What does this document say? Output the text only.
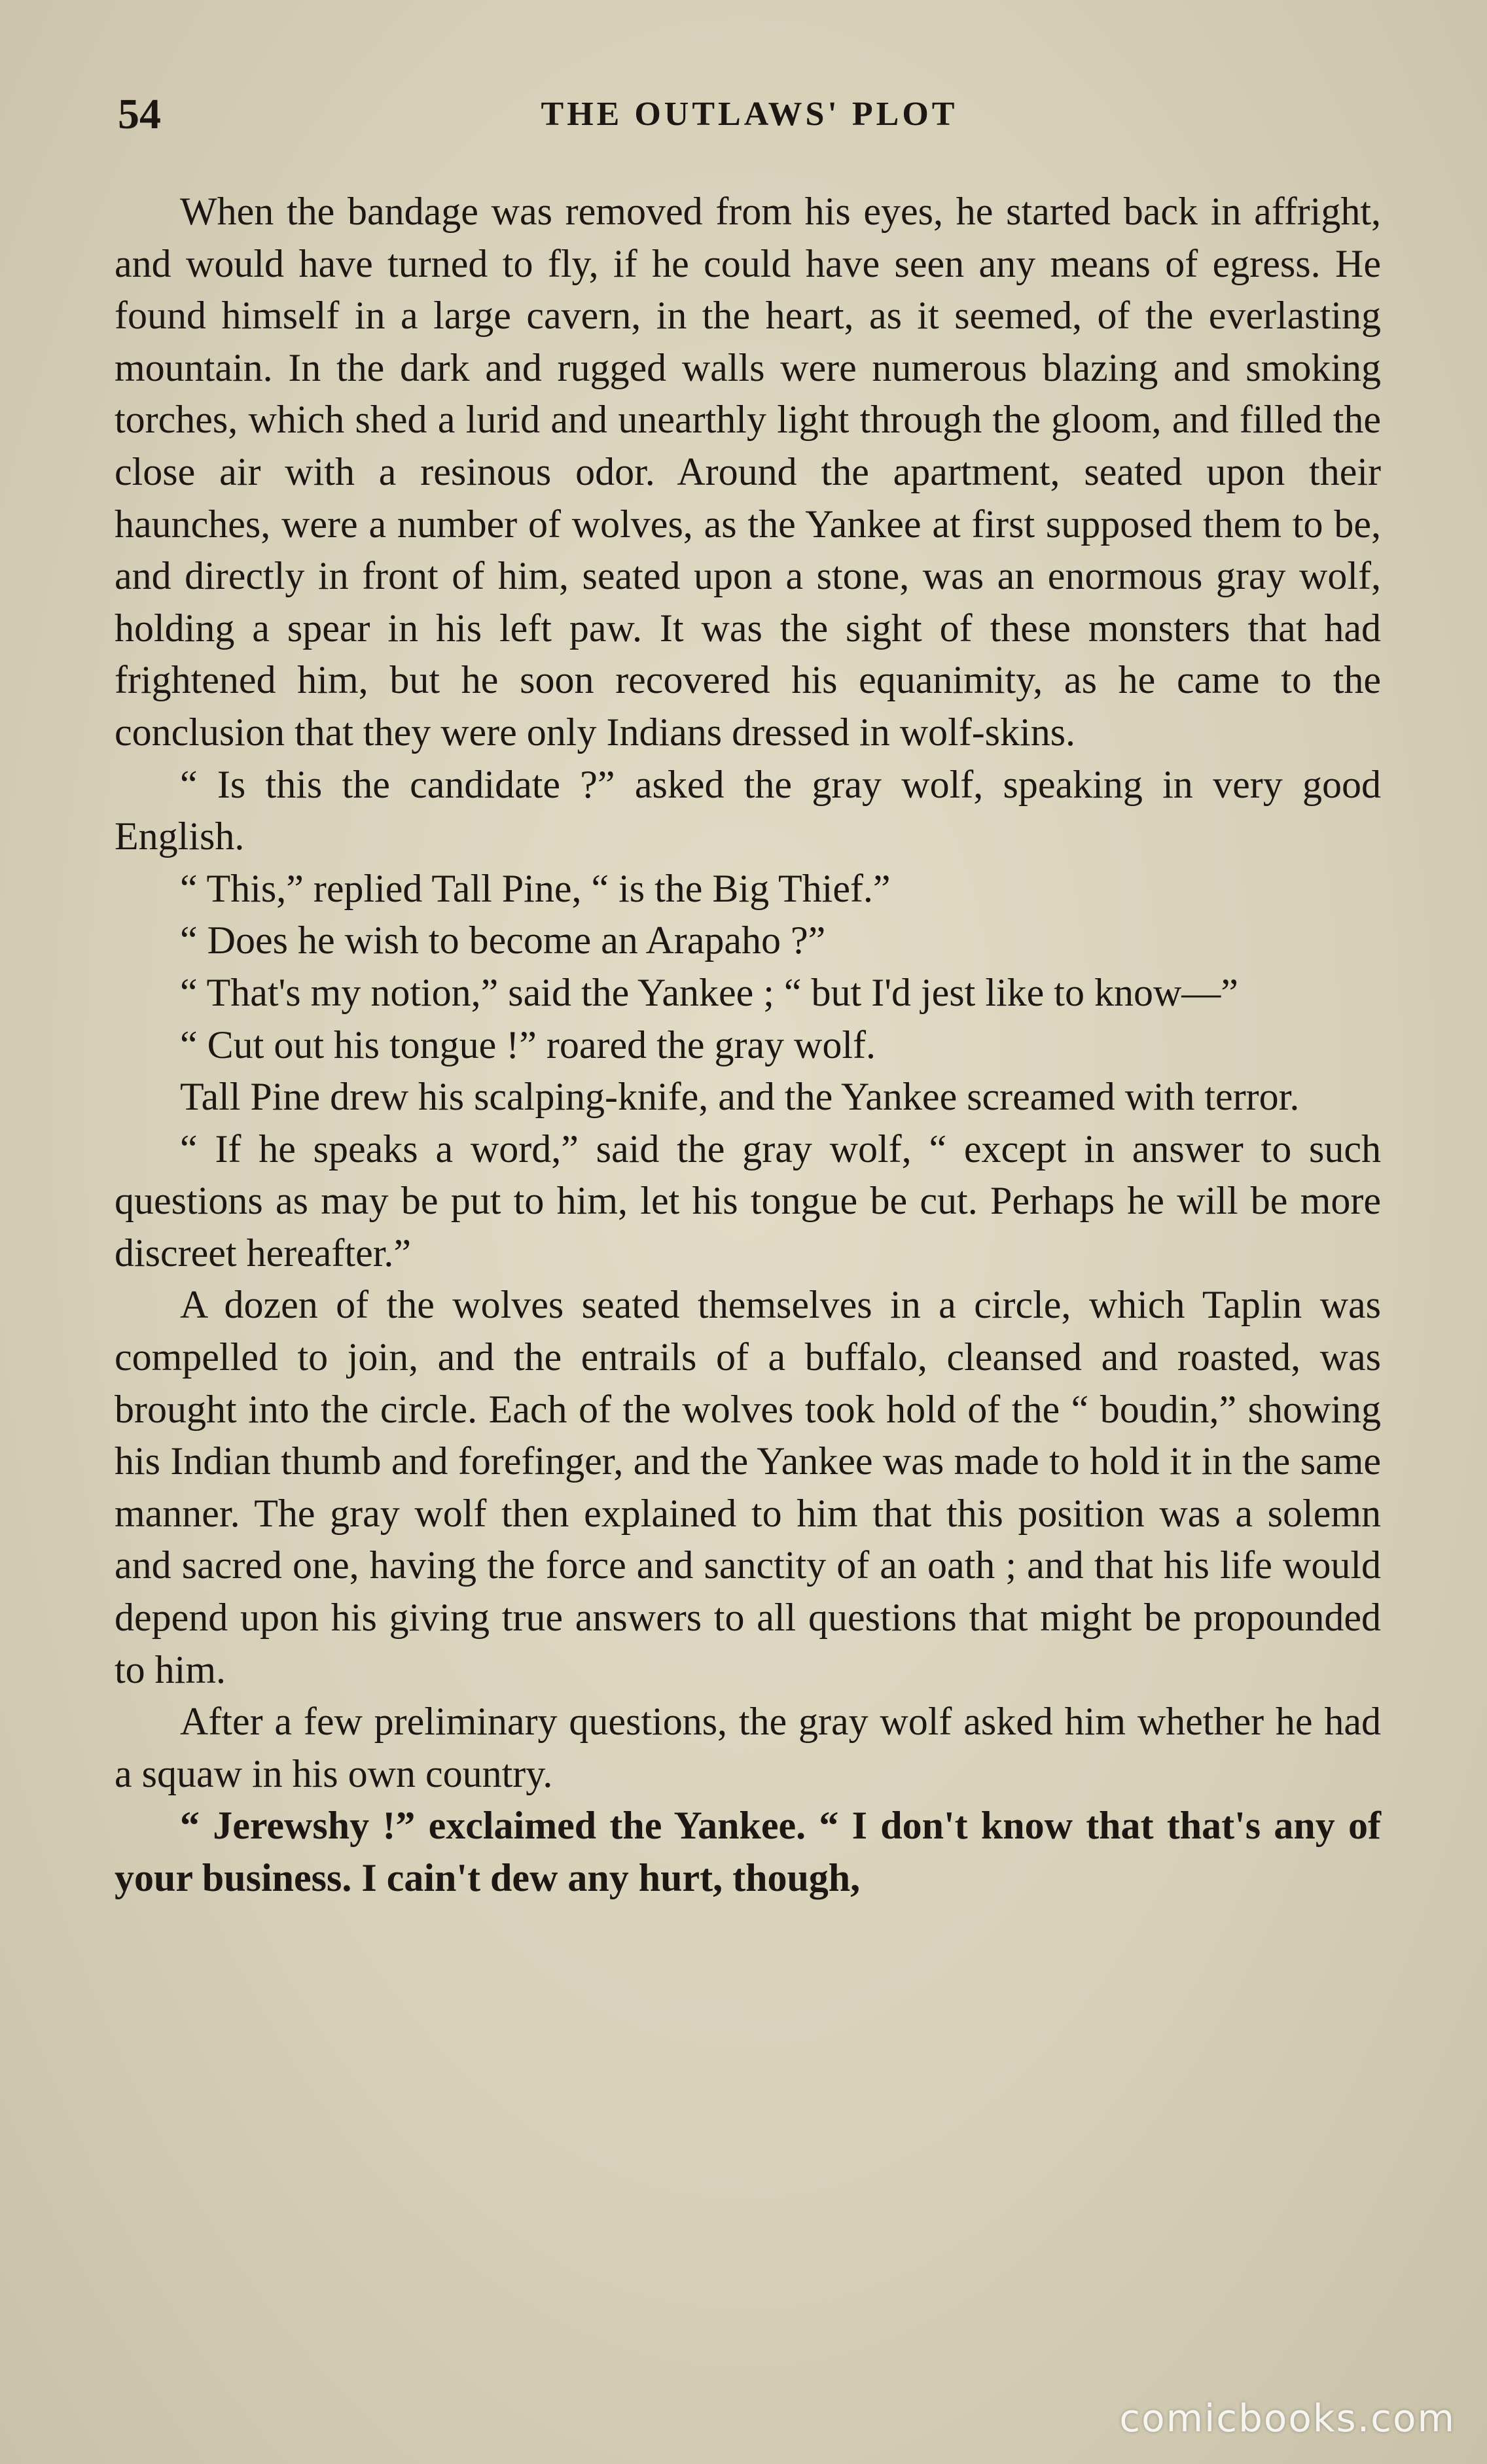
54	THE OUTLAWS' PLOT

When the bandage was removed from his eyes, he started back in affright, and would have turned to fly, if he could have seen any means of egress. He found himself in a large cavern, in the heart, as it seemed, of the everlasting mountain. In the dark and rugged walls were numerous blazing and smoking torches, which shed a lurid and unearthly light through the gloom, and filled the close air with a resinous odor. Around the apartment, seated upon their haunches, were a number of wolves, as the Yankee at first supposed them to be, and directly in front of him, seated upon a stone, was an enormous gray wolf, holding a spear in his left paw. It was the sight of these monsters that had frightened him, but he soon recovered his equanimity, as he came to the conclusion that they were only Indians dressed in wolf-skins.

“ Is this the candidate ?” asked the gray wolf, speaking in very good English.

“ This,” replied Tall Pine, “ is the Big Thief.”

“ Does he wish to become an Arapaho ?”

“ That's my notion,” said the Yankee ; “ but I'd jest like to know—”

“ Cut out his tongue !” roared the gray wolf.

Tall Pine drew his scalping-knife, and the Yankee screamed with terror.

“ If he speaks a word,” said the gray wolf, “ except in answer to such questions as may be put to him, let his tongue be cut. Perhaps he will be more discreet hereafter.”

A dozen of the wolves seated themselves in a circle, which Taplin was compelled to join, and the entrails of a buffalo, cleansed and roasted, was brought into the circle. Each of the wolves took hold of the “ boudin,” showing his Indian thumb and forefinger, and the Yankee was made to hold it in the same manner. The gray wolf then explained to him that this position was a solemn and sacred one, having the force and sanctity of an oath ; and that his life would depend upon his giving true answers to all questions that might be propounded to him.

After a few preliminary questions, the gray wolf asked him whether he had a squaw in his own country.

“ Jerewshy !” exclaimed the Yankee. “ I don't know that that's any of your business. I cain't dew any hurt, though,

comicbooks.com
